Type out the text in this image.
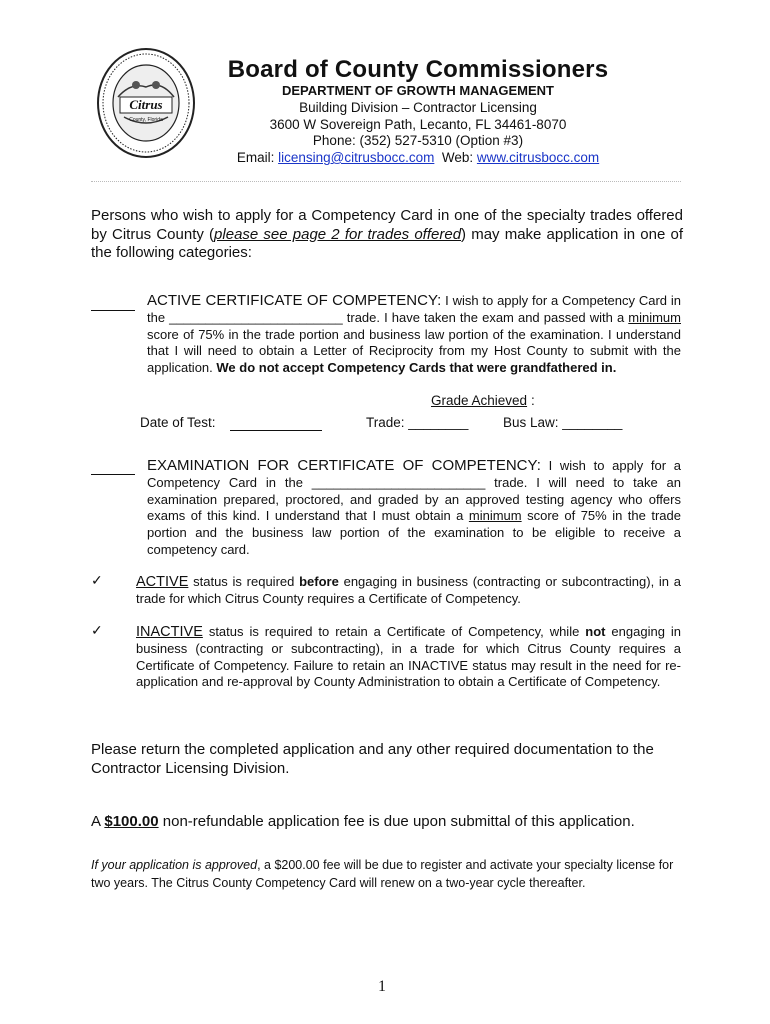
Citrus
County, Florida
Board of County Commissioners
DEPARTMENT OF GROWTH MANAGEMENT
Building Division – Contractor Licensing
3600 W Sovereign Path, Lecanto, FL 34461-8070
Phone: (352) 527-5310 (Option #3)
Email: licensing@citrusbocc.com Web: www.citrusbocc.com
Persons who wish to apply for a Competency Card in one of the specialty trades offered by Citrus County (please see page 2 for trades offered) may make application in one of the following categories:
ACTIVE CERTIFICATE OF COMPETENCY: I wish to apply for a Competency Card in the ________________________ trade. I have taken the exam and passed with a minimum score of 75% in the trade portion and business law portion of the examination. I understand that I will need to obtain a Letter of Reciprocity from my Host County to submit with the application. We do not accept Competency Cards that were grandfathered in.
Grade Achieved :
Date of Test:	Trade: ________	Bus Law: ________
EXAMINATION FOR CERTIFICATE OF COMPETENCY: I wish to apply for a Competency Card in the ________________________ trade. I will need to take an examination prepared, proctored, and graded by an approved testing agency who offers exams of this kind. I understand that I must obtain a minimum score of 75% in the trade portion and the business law portion of the examination to be eligible to receive a competency card.
✓ ACTIVE status is required before engaging in business (contracting or subcontracting), in a trade for which Citrus County requires a Certificate of Competency.
✓ INACTIVE status is required to retain a Certificate of Competency, while not engaging in business (contracting or subcontracting), in a trade for which Citrus County requires a Certificate of Competency. Failure to retain an INACTIVE status may result in the need for re-application and re-approval by County Administration to obtain a Certificate of Competency.
Please return the completed application and any other required documentation to the Contractor Licensing Division.
A $100.00 non-refundable application fee is due upon submittal of this application.
If your application is approved, a $200.00 fee will be due to register and activate your specialty license for two years. The Citrus County Competency Card will renew on a two-year cycle thereafter.
1
